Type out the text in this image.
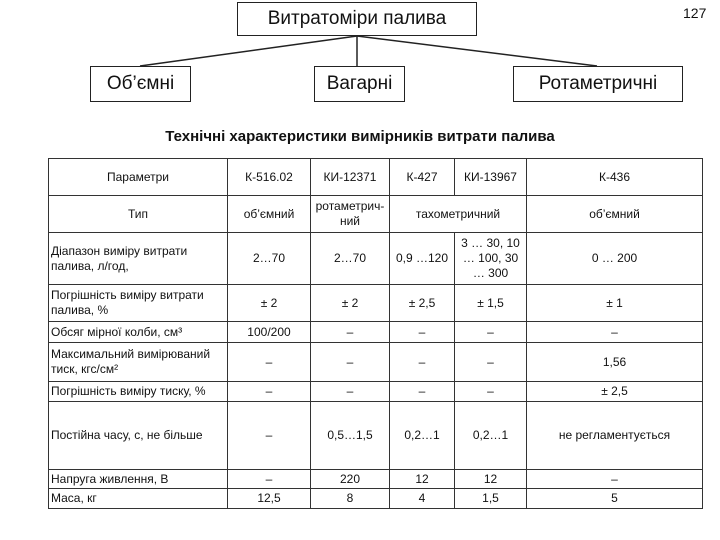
127
Витратоміри палива
Об’ємні	Вагарні	Ротаметричні
Технічні характеристики вимірників витрати палива
Параметри	К-516.02	КИ-12371	К-427	КИ-13967	К-436
Тип	об’ємний	ротаметрич-ний	тахометричний		об’ємний
Діапазон виміру витрати палива, л/год,	2…70	2…70	0,9 …120	3 … 30, 10 … 100, 30 … 300	0 … 200
Погрішність виміру витрати палива, %	± 2	± 2	± 2,5	± 1,5	± 1
Обсяг мірної колби, см³	100/200	–	–	–	–
Максимальний вимірюваний тиск, кгс/см²	–	–	–	–	1,56
Погрішність виміру тиску, %	–	–	–	–	± 2,5
Постійна часу, с, не більше	–	0,5…1,5	0,2…1	0,2…1	не регламентується
Напруга живлення, В	–	220	12	12	–
Маса, кг	12,5	8	4	1,5	5
